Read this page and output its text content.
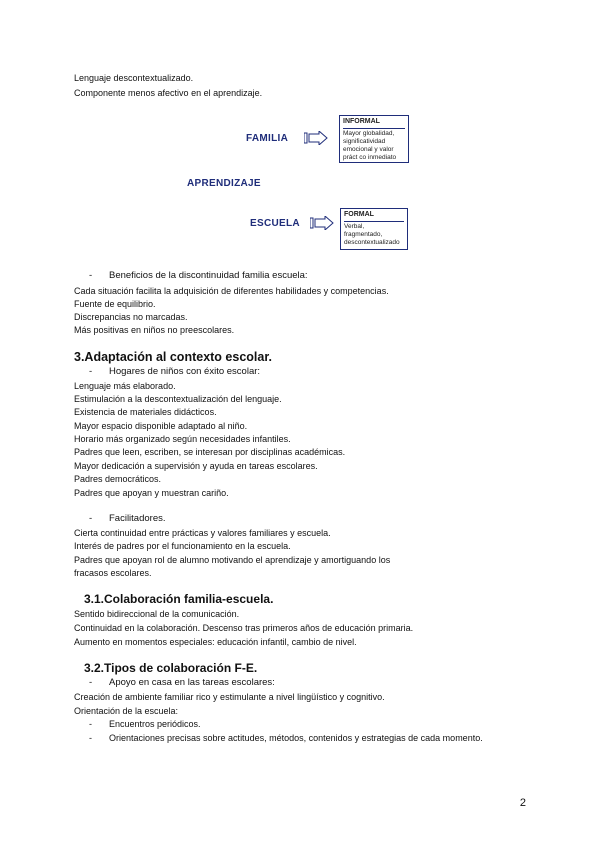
Lenguaje descontextualizado.
Componente menos afectivo en el aprendizaje.
FAMILIA
INFORMAL
Mayor globalidad,
significatividad
emocional y valor
práct co inmediato
APRENDIZAJE
ESCUELA
FORMAL
Verbal,
fragmentado,
descontextualizado
- Beneficios de la discontinuidad familia escuela:
Cada situación facilita la adquisición de diferentes habilidades y competencias.
Fuente de equilibrio.
Discrepancias no marcadas.
Más positivas en niños no preescolares.
3.Adaptación al contexto escolar.
- Hogares de niños con éxito escolar:
Lenguaje más elaborado.
Estimulación a la descontextualización del lenguaje.
Existencia de materiales didácticos.
Mayor espacio disponible adaptado al niño.
Horario más organizado según necesidades infantiles.
Padres que leen, escriben, se interesan por disciplinas académicas.
Mayor dedicación a supervisión y ayuda en tareas escolares.
Padres democráticos.
Padres que apoyan y muestran cariño.
- Facilitadores.
Cierta continuidad entre prácticas y valores familiares y escuela.
Interés de padres por el funcionamiento en la escuela.
Padres que apoyan rol de alumno motivando el aprendizaje y amortiguando los
fracasos escolares.
3.1.Colaboración familia-escuela.
Sentido bidireccional de la comunicación.
Continuidad en la colaboración. Descenso tras primeros años de educación primaria.
Aumento en momentos especiales: educación infantil, cambio de nivel.
3.2.Tipos de colaboración F-E.
- Apoyo en casa en las tareas escolares:
Creación de ambiente familiar rico y estimulante a nivel lingüístico y cognitivo.
Orientación de la escuela:
- Encuentros periódicos.
- Orientaciones precisas sobre actitudes, métodos, contenidos y estrategias de cada momento.
2
